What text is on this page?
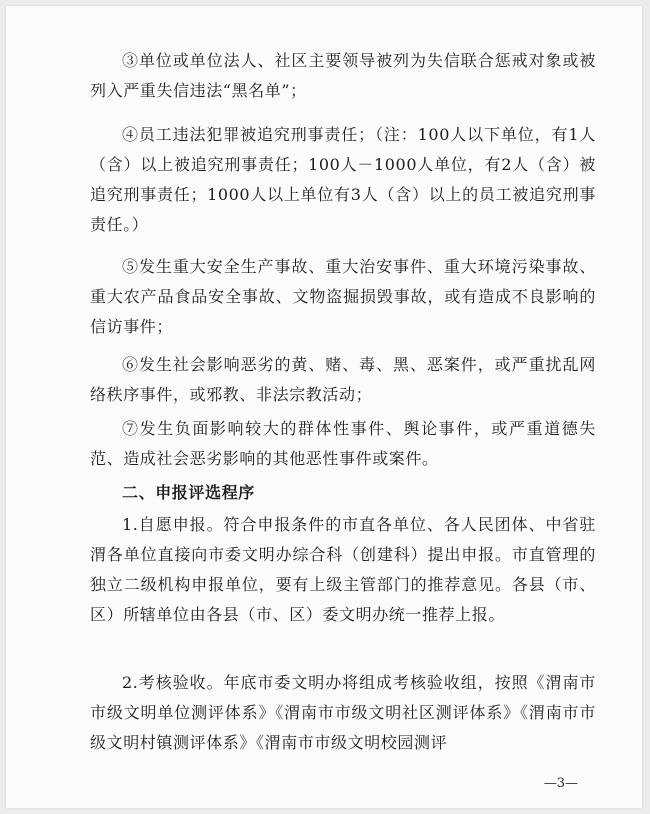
③单位或单位法人、社区主要领导被列为失信联合惩戒对象或被列入严重失信违法“黑名单”；

④员工违法犯罪被追究刑事责任；（注：100人以下单位，有1人（含）以上被追究刑事责任；100人－1000人单位，有2人（含）被追究刑事责任；1000人以上单位有3人（含）以上的员工被追究刑事责任。）

⑤发生重大安全生产事故、重大治安事件、重大环境污染事故、重大农产品食品安全事故、文物盗掘损毁事故，或有造成不良影响的信访事件；

⑥发生社会影响恶劣的黄、赌、毒、黑、恶案件，或严重扰乱网络秩序事件，或邪教、非法宗教活动；

⑦发生负面影响较大的群体性事件、舆论事件，或严重道德失范、造成社会恶劣影响的其他恶性事件或案件。

二、申报评选程序

1.自愿申报。符合申报条件的市直各单位、各人民团体、中省驻渭各单位直接向市委文明办综合科（创建科）提出申报。市直管理的独立二级机构申报单位，要有上级主管部门的推荐意见。各县（市、区）所辖单位由各县（市、区）委文明办统一推荐上报。

2.考核验收。年底市委文明办将组成考核验收组，按照《渭南市市级文明单位测评体系》《渭南市市级文明社区测评体系》《渭南市市级文明村镇测评体系》《渭南市市级文明校园测评

—3—
